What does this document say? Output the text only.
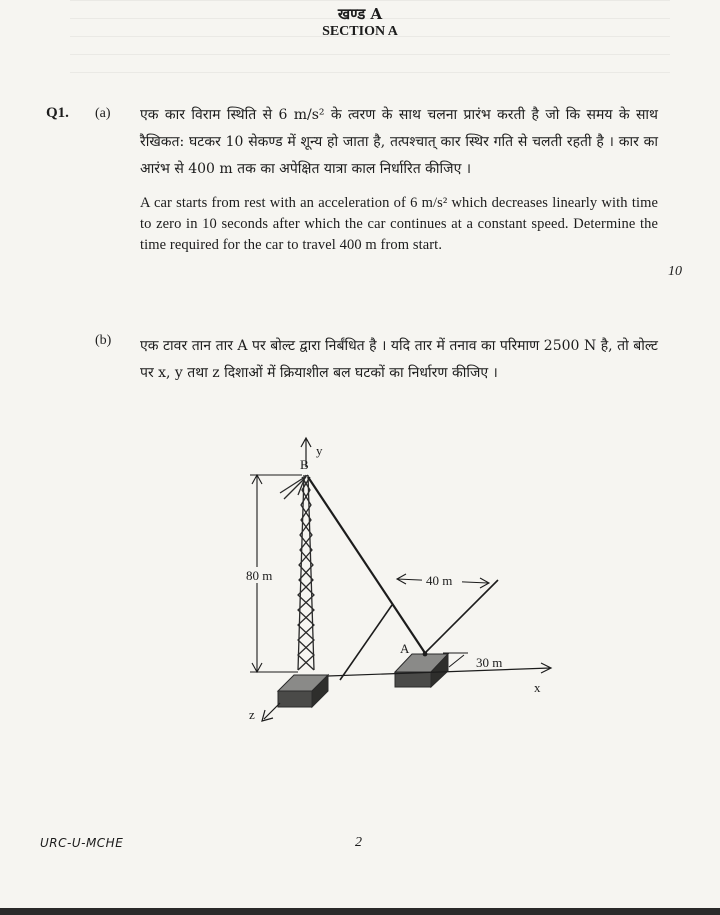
खण्ड A
SECTION A
Q1. (a) एक कार विराम स्थिति से 6 m/s² के त्वरण के साथ चलना प्रारंभ करती है जो कि समय के साथ रैखिकत: घटकर 10 सेकण्ड में शून्य हो जाता है, तत्पश्चात् कार स्थिर गति से चलती रहती है । कार का आरंभ से 400 m तक का अपेक्षित यात्रा काल निर्धारित कीजिए ।
A car starts from rest with an acceleration of 6 m/s² which decreases linearly with time to zero in 10 seconds after which the car continues at a constant speed. Determine the time required for the car to travel 400 m from start.
10
(b) एक टावर तान तार A पर बोल्ट द्वारा निर्बंधित है । यदि तार में तनाव का परिमाण 2500 N है, तो बोल्ट पर x, y तथा z दिशाओं में क्रियाशील बल घटकों का निर्धारण कीजिए ।
y
B
40 m
80 m
A
30 m
x
z
URC-U-MCHE	2
